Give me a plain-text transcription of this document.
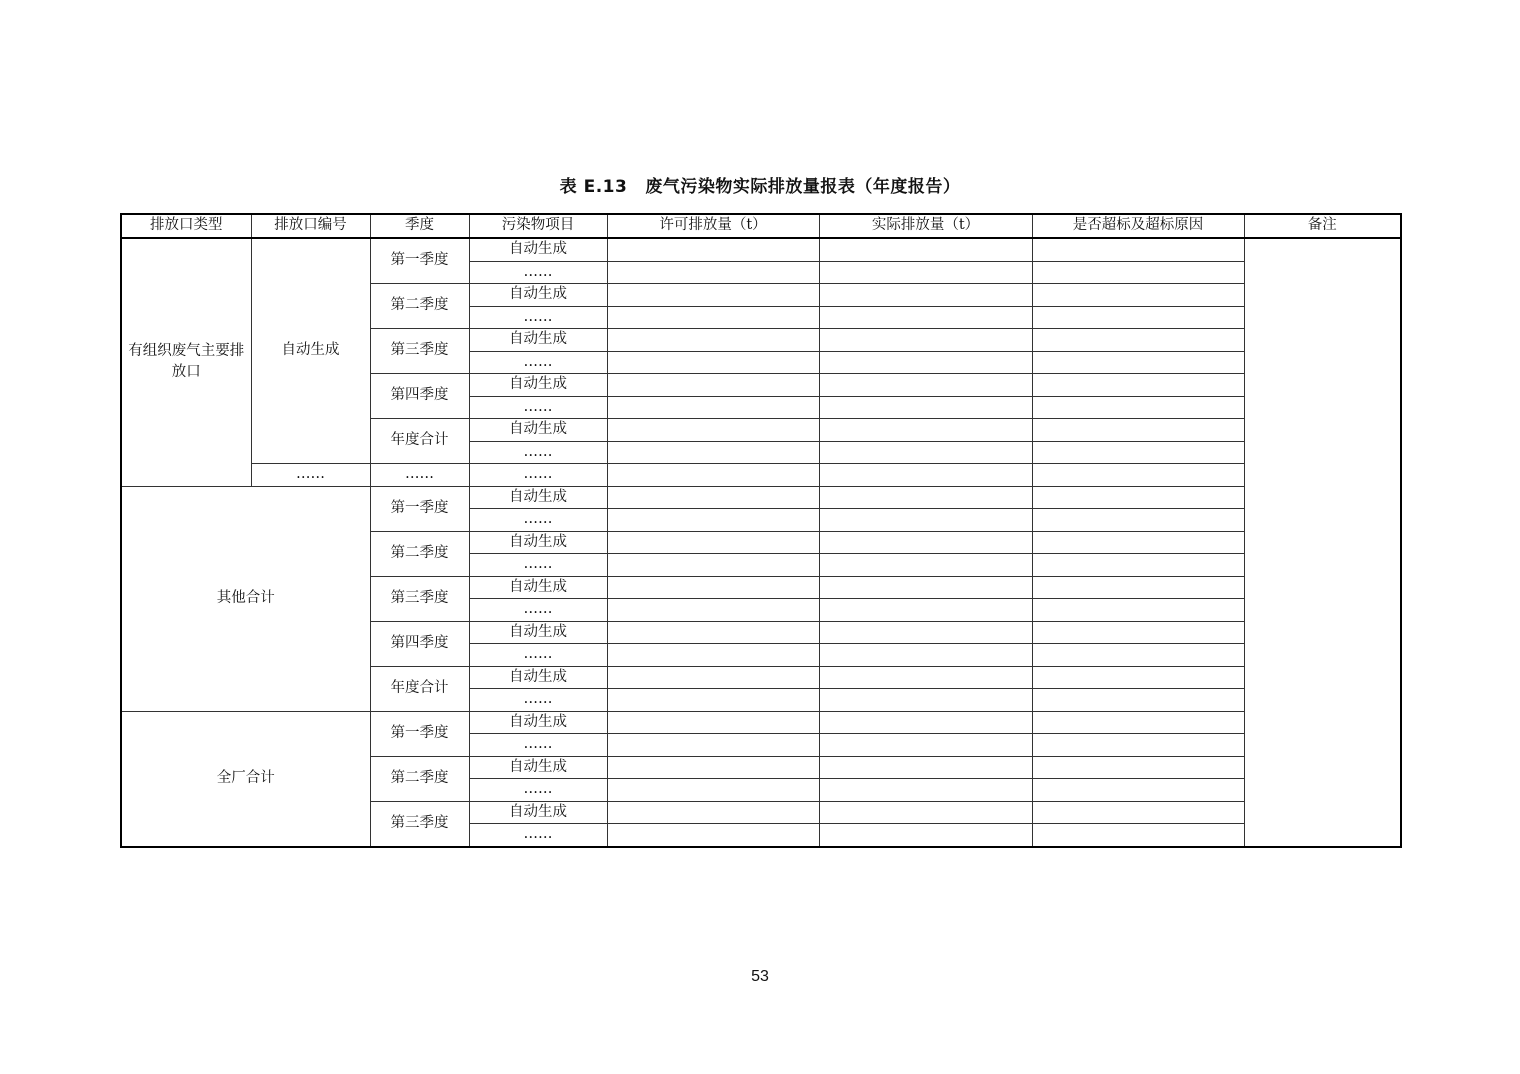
表 E.13 废气污染物实际排放量报表（年度报告）
排放口类型	排放口编号	季度	污染物项目	许可排放量（t）	实际排放量（t）	是否超标及超标原因	备注
有组织废气主要排放口	自动生成	第一季度	自动生成				
			……				
		第二季度	自动生成				
			……				
		第三季度	自动生成				
			……				
		第四季度	自动生成				
			……				
		年度合计	自动生成				
			……				
	……	……	……				
其他合计		第一季度	自动生成				
			……				
		第二季度	自动生成				
			……				
		第三季度	自动生成				
			……				
		第四季度	自动生成				
			……				
		年度合计	自动生成				
			……				
全厂合计		第一季度	自动生成				
			……				
		第二季度	自动生成				
			……				
		第三季度	自动生成				
			……				
53
